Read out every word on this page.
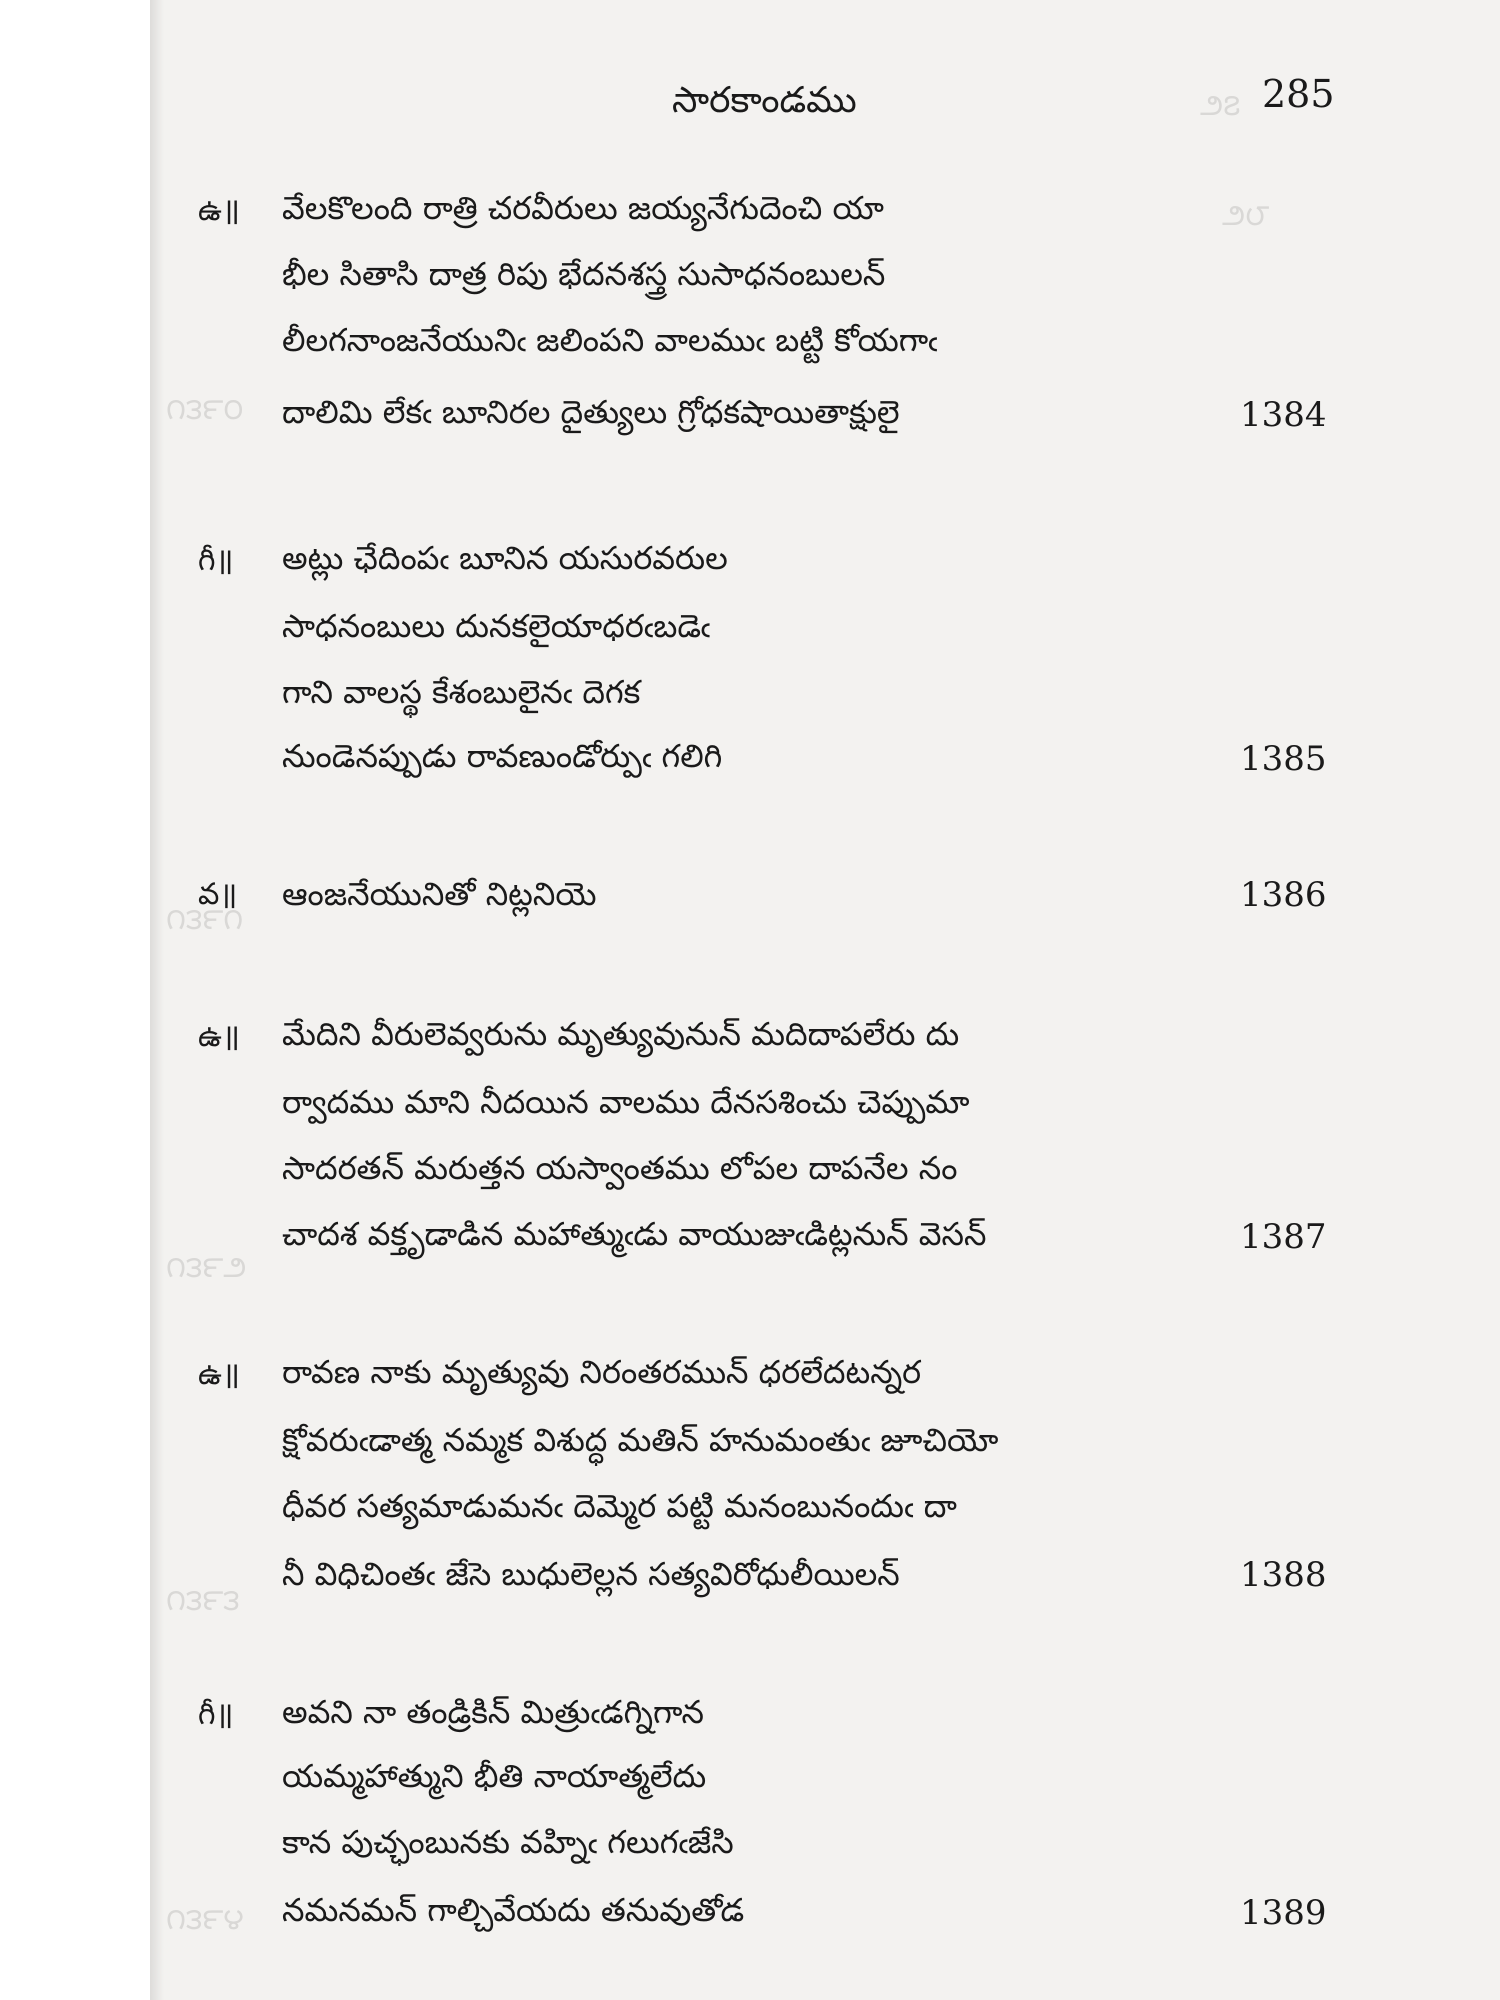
౨౭
౨౮
౧౩౯౦
౧౩౯౧
౧౩౯౨
౧౩౯౩
౧౩౯౪
సారకాండము	285
ఉ॥ వేలకొలంది రాత్రి చరవీరులు జయ్యనేగుదెంచి యా
భీల సితాసి దాత్ర రిపు భేదనశస్త్ర సుసాధనంబులన్
లీలగనాంజనేయునిఁ జలింపని వాలముఁ బట్టి కోయగాఁ
దాలిమి లేకఁ బూనిరల దైత్యులు గ్రోధకషాయితాక్షులై	1384
గీ॥ అట్లు ఛేదింపఁ బూనిన యసురవరుల
సాధనంబులు దునకలైయాధరఁబడెఁ
గాని వాలస్థ కేశంబులైనఁ దెగక
నుండెనప్పుడు రావణుండోర్పుఁ గలిగి	1385
వ॥ ఆంజనేయునితో నిట్లనియె	1386
ఉ॥ మేదిని వీరులెవ్వరును మృత్యువునున్ మదిదాపలేరు దు
ర్వాదము మాని నీదయిన వాలము దేనసశించు చెప్పుమా
సాదరతన్ మరుత్తన యస్వాంతము లోపల దాపనేల నం
చాదశ వక్తృడాడిన మహాత్ముఁడు వాయుజుఁడిట్లనున్ వెసన్	1387
ఉ॥ రావణ నాకు మృత్యువు నిరంతరమున్ ధరలేదటన్నర
క్షోవరుఁడాత్మ నమ్మక విశుద్ధ మతిన్ హనుమంతుఁ జూచియో
ధీవర సత్యమాడుమనఁ దెమ్మెర పట్టి మనంబునందుఁ దా
నీ విధిచింతఁ జేసె బుధులెల్లన సత్యవిరోధులీయిలన్	1388
గీ॥ అవని నా తండ్రికిన్ మిత్రుఁడగ్నిగాన
యమ్మహాత్ముని భీతి నాయాత్మలేదు
కాన పుచ్ఛంబునకు వహ్నిఁ గలుగఁజేసి
నమనమన్ గాల్చివేయదు తనువుతోడ	1389
